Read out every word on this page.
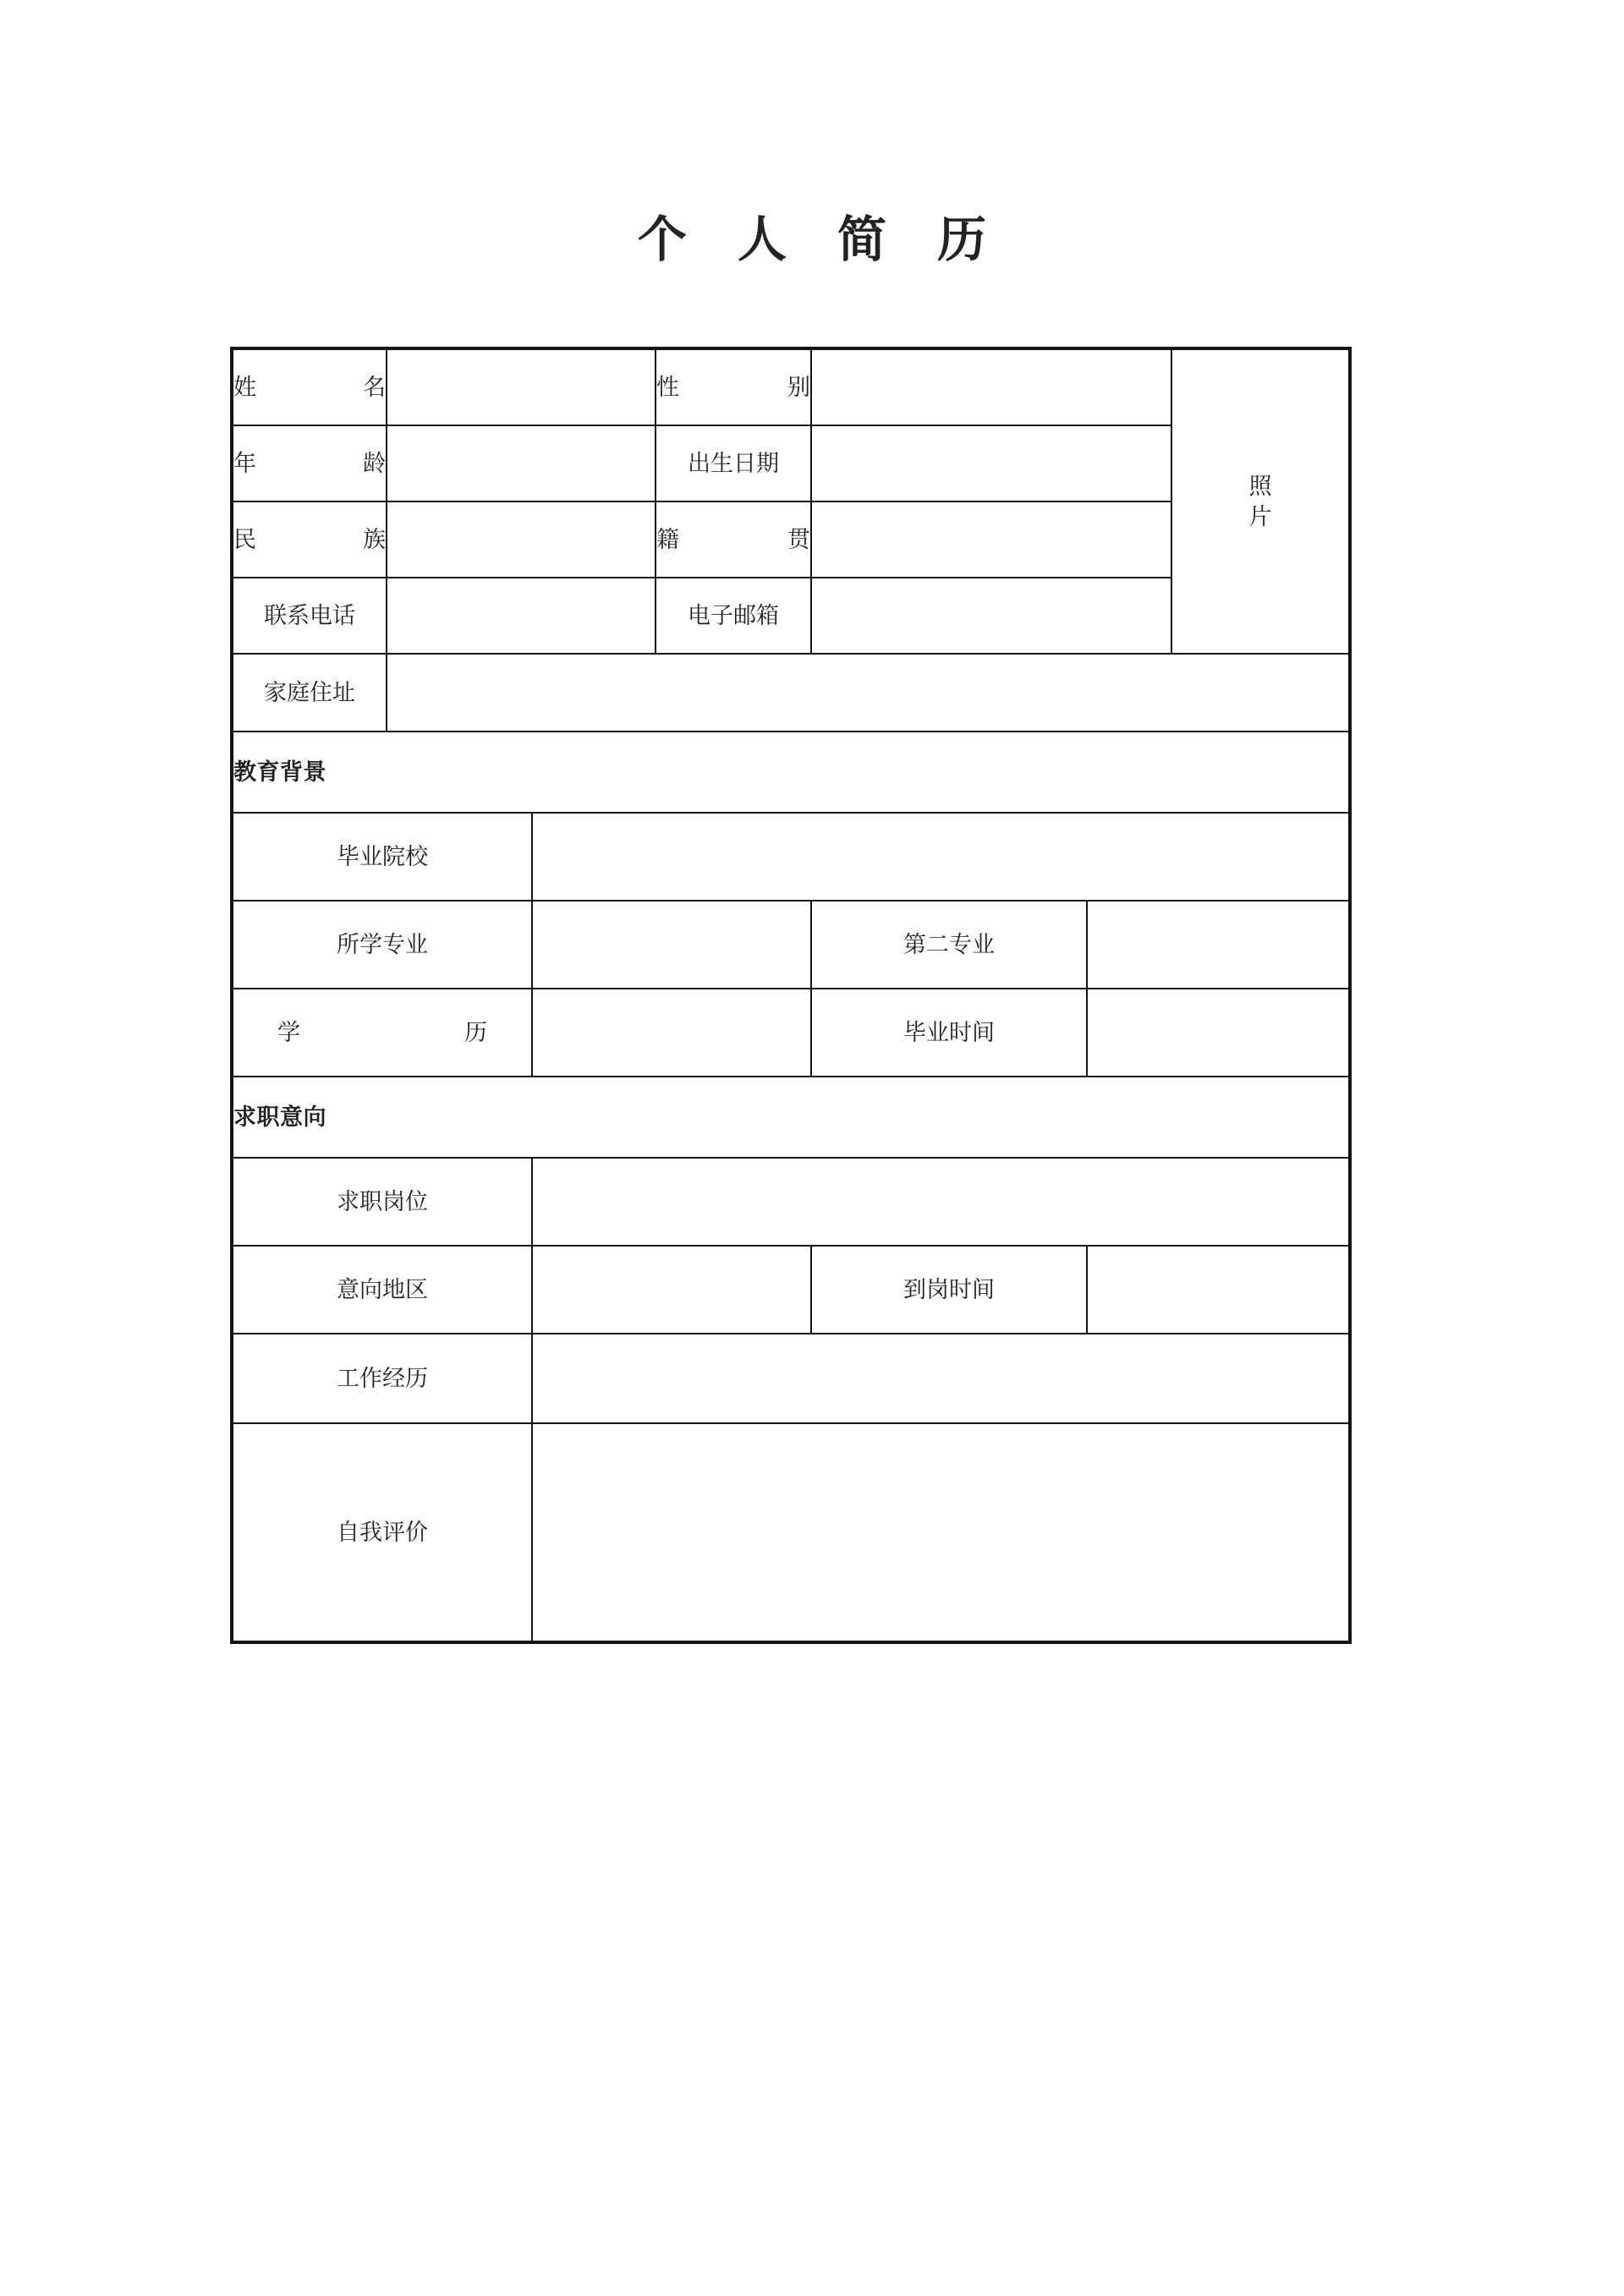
个 人 简 历
姓名			性别			照
片

年龄			出生日期			
民族			籍贯			
联系电话			电子邮箱			
家庭住址						
教育背景						
毕业院校						
所学专业				第二专业		
学历				毕业时间		
求职意向						
求职岗位						
意向地区				到岗时间		
工作经历						
自我评价						
